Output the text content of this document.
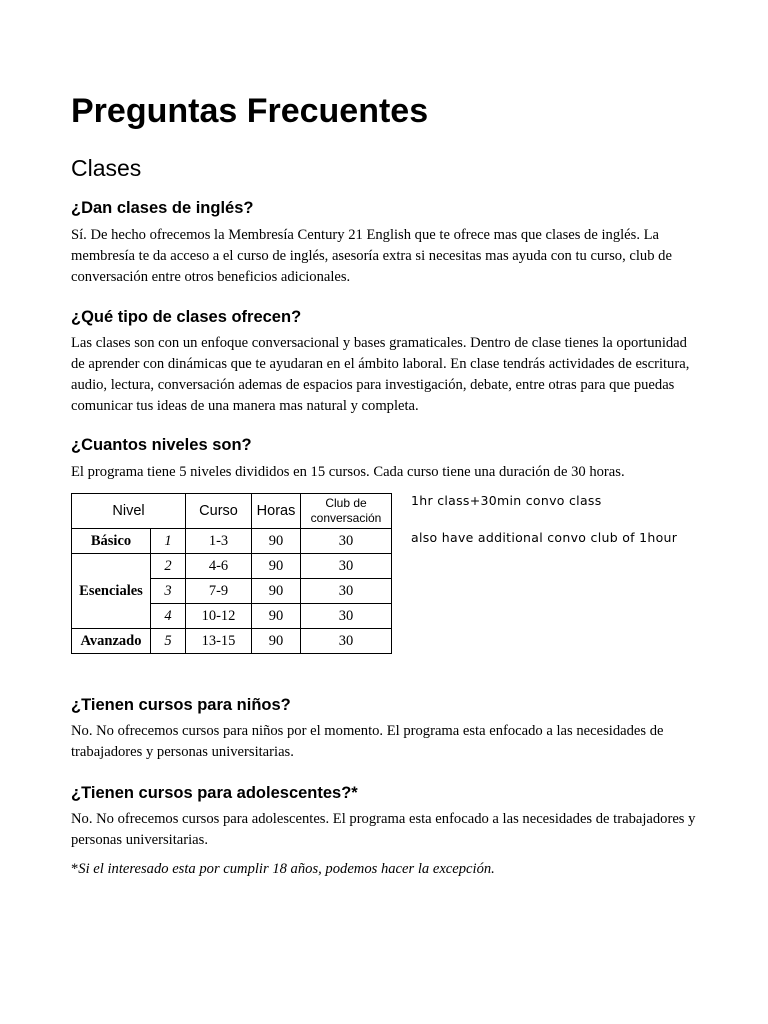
Preguntas Frecuentes
Clases
¿Dan clases de inglés?

Sí. De hecho ofrecemos la Membresía Century 21 English que te ofrece mas que clases de inglés. La membresía te da acceso a el curso de inglés, asesoría extra si necesitas mas ayuda con tu curso, club de conversación entre otros beneficios adicionales.

¿Qué tipo de clases ofrecen?

Las clases son con un enfoque conversacional y bases gramaticales. Dentro de clase tienes la oportunidad de aprender con dinámicas que te ayudaran en el ámbito laboral. En clase tendrás actividades de escritura, audio, lectura, conversación ademas de espacios para investigación, debate, entre otras para que puedas comunicar tus ideas de una manera mas natural y completa.

¿Cuantos niveles son?

El programa tiene 5 niveles divididos en 15 cursos. Cada curso tiene una duración de 30 horas.

Nivel		Curso	Horas	Club de
conversación
Básico	1	1-3	90	30
Esenciales	2	4-6	90	30
	3	7-9	90	30
	4	10-12	90	30
Avanzado	5	13-15	90	30
1hr class+30min convo class
also have additional convo club of 1hour
¿Tienen cursos para niños?

No. No ofrecemos cursos para niños por el momento. El programa esta enfocado a las necesidades de trabajadores y personas universitarias.

¿Tienen cursos para adolescentes?*

No. No ofrecemos cursos para adolescentes. El programa esta enfocado a las necesidades de trabajadores y personas universitarias.

*Si el interesado esta por cumplir 18 años, podemos hacer la excepción.
